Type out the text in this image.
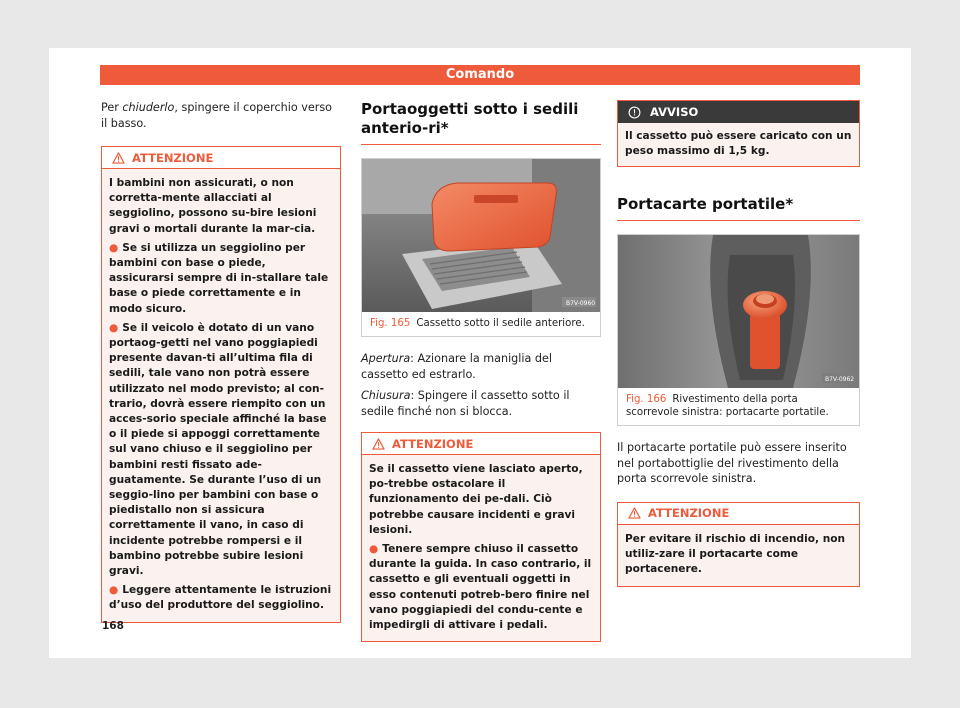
Comando

Per chiuderlo, spingere il coperchio verso il basso.

ATTENZIONE

I bambini non assicurati, o non corretta-mente allacciati al seggiolino, possono su-bire lesioni gravi o mortali durante la mar-cia.

● Se si utilizza un seggiolino per bambini con base o piede, assicurarsi sempre di in-stallare tale base o piede correttamente e in modo sicuro.

● Se il veicolo è dotato di un vano portaog-getti nel vano poggiapiedi presente davan-ti all’ultima fila di sedili, tale vano non potrà essere utilizzato nel modo previsto; al con-trario, dovrà essere riempito con un acces-sorio speciale affinché la base o il piede si appoggi correttamente sul vano chiuso e il seggiolino per bambini resti fissato ade-guatamente. Se durante l’uso di un seggio-lino per bambini con base o piedistallo non si assicura correttamente il vano, in caso di incidente potrebbe rompersi e il bambino potrebbe subire lesioni gravi.

● Leggere attentamente le istruzioni d’uso del produttore del seggiolino.

Portaoggetti sotto i sedili anterio-ri*
B7V-0960
Fig. 165 Cassetto sotto il sedile anteriore.

Apertura: Azionare la maniglia del cassetto ed estrarlo.

Chiusura: Spingere il cassetto sotto il sedile finché non si blocca.

ATTENZIONE

Se il cassetto viene lasciato aperto, po-trebbe ostacolare il funzionamento dei pe-dali. Ciò potrebbe causare incidenti e gravi lesioni.

● Tenere sempre chiuso il cassetto durante la guida. In caso contrario, il cassetto e gli eventuali oggetti in esso contenuti potreb-bero finire nel vano poggiapiedi del condu-cente e impedirgli di attivare i pedali.

AVVISO
Il cassetto può essere caricato con un peso massimo di 1,5 kg.
Portacarte portatile*
B7V-0962
Fig. 166 Rivestimento della porta scorrevole sinistra: portacarte portatile.

Il portacarte portatile può essere inserito nel portabottiglie del rivestimento della porta scorrevole sinistra.

ATTENZIONE
Per evitare il rischio di incendio, non utiliz-zare il portacarte come portacenere.
168
